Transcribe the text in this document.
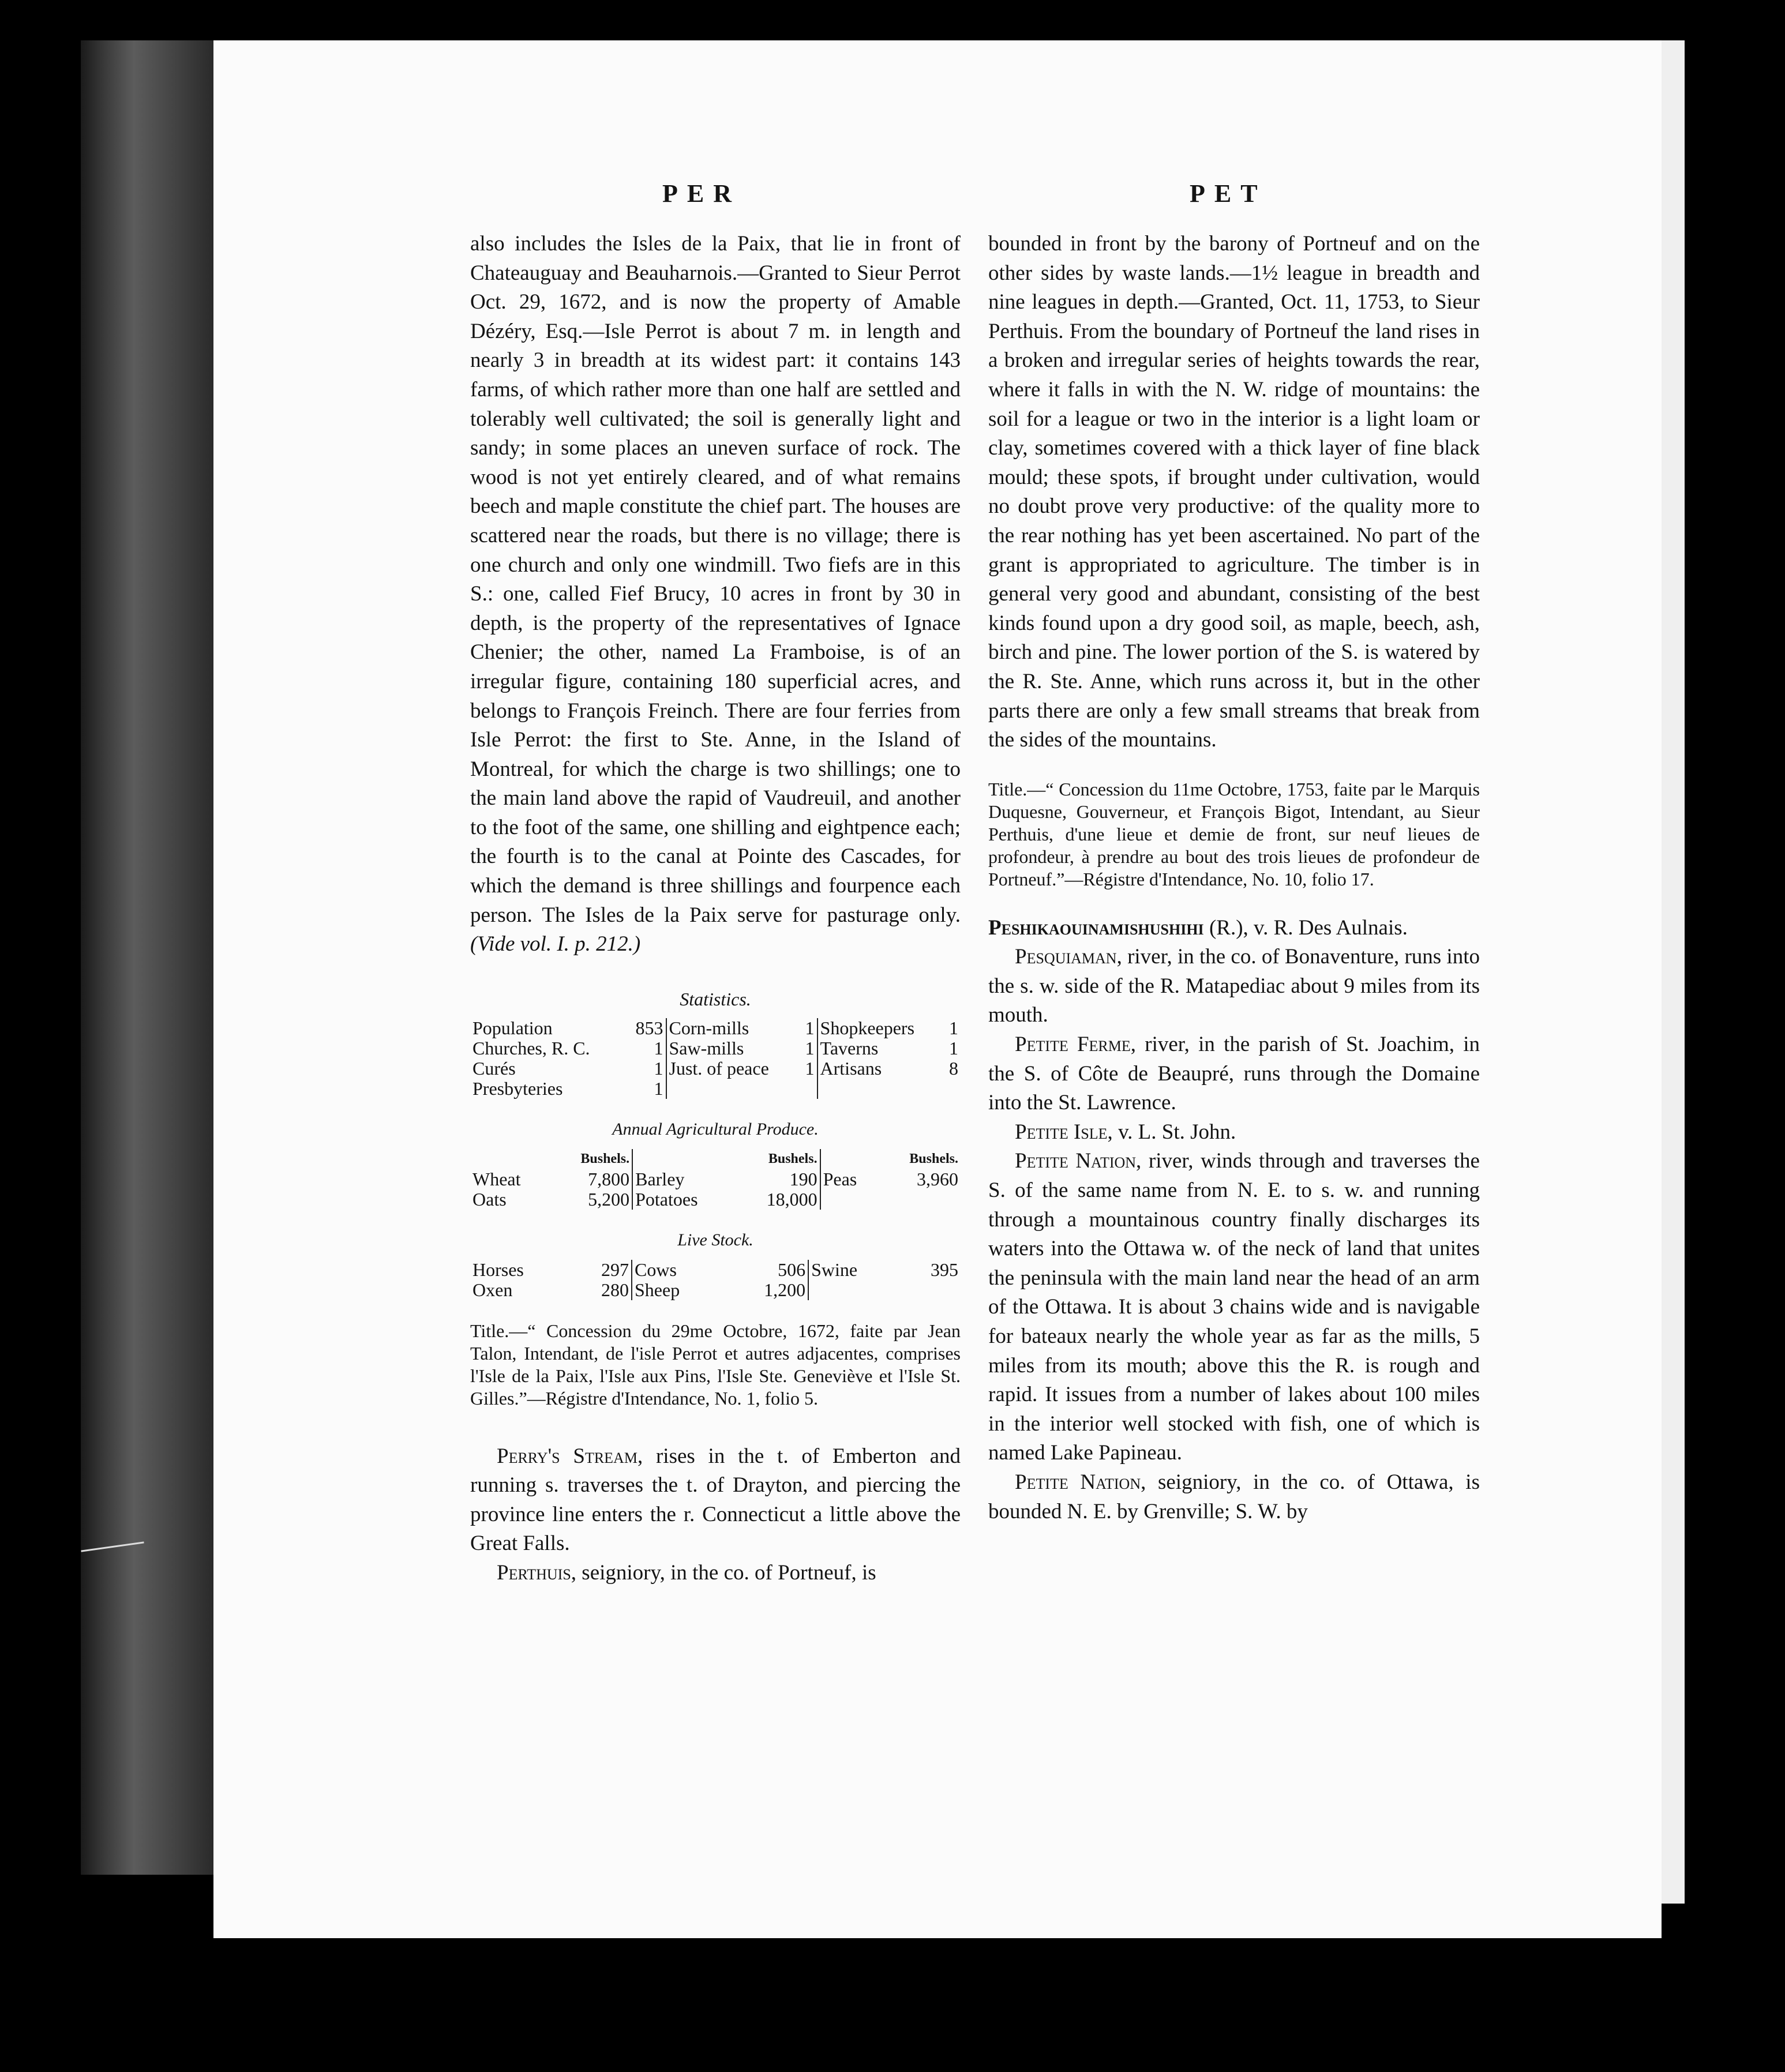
PER	PET

also includes the Isles de la Paix, that lie in front of Chateauguay and Beauharnois.—Granted to Sieur Perrot Oct. 29, 1672, and is now the property of Amable Dézéry, Esq.—Isle Perrot is about 7 m. in length and nearly 3 in breadth at its widest part: it contains 143 farms, of which rather more than one half are settled and tolerably well cultivated; the soil is generally light and sandy; in some places an uneven surface of rock. The wood is not yet entirely cleared, and of what remains beech and maple constitute the chief part. The houses are scattered near the roads, but there is no village; there is one church and only one windmill. Two fiefs are in this S.: one, called Fief Brucy, 10 acres in front by 30 in depth, is the property of the representatives of Ignace Chenier; the other, named La Framboise, is of an irregular figure, containing 180 superficial acres, and belongs to François Freinch. There are four ferries from Isle Perrot: the first to Ste. Anne, in the Island of Montreal, for which the charge is two shillings; one to the main land above the rapid of Vaudreuil, and another to the foot of the same, one shilling and eightpence each; the fourth is to the canal at Pointe des Cascades, for which the demand is three shillings and fourpence each person. The Isles de la Paix serve for pasturage only. (Vide vol. I. p. 212.)

Statistics.
Population	853	Corn-mills	1	Shopkeepers	1
Churches, R. C.	1	Saw-mills	1	Taverns	1
Curés	1	Just. of peace	1	Artisans	8
Presbyteries	1				
Annual Agricultural Produce.
	Bushels.		Bushels.		Bushels.
Wheat	7,800	Barley	190	Peas	3,960
Oats	5,200	Potatoes	18,000		
Live Stock.
Horses	297	Cows	506	Swine	395
Oxen	280	Sheep	1,200		

Title.—“ Concession du 29me Octobre, 1672, faite par Jean Talon, Intendant, de l'isle Perrot et autres adjacentes, comprises l'Isle de la Paix, l'Isle aux Pins, l'Isle Ste. Geneviève et l'Isle St. Gilles.”—Régistre d'Intendance, No. 1, folio 5.

Perry's Stream, rises in the t. of Emberton and running s. traverses the t. of Drayton, and piercing the province line enters the r. Connecticut a little above the Great Falls.

Perthuis, seigniory, in the co. of Portneuf, is

bounded in front by the barony of Portneuf and on the other sides by waste lands.—1½ league in breadth and nine leagues in depth.—Granted, Oct. 11, 1753, to Sieur Perthuis. From the boundary of Portneuf the land rises in a broken and irregular series of heights towards the rear, where it falls in with the N. W. ridge of mountains: the soil for a league or two in the interior is a light loam or clay, sometimes covered with a thick layer of fine black mould; these spots, if brought under cultivation, would no doubt prove very productive: of the quality more to the rear nothing has yet been ascertained. No part of the grant is appropriated to agriculture. The timber is in general very good and abundant, consisting of the best kinds found upon a dry good soil, as maple, beech, ash, birch and pine. The lower portion of the S. is watered by the R. Ste. Anne, which runs across it, but in the other parts there are only a few small streams that break from the sides of the mountains.

Title.—“ Concession du 11me Octobre, 1753, faite par le Marquis Duquesne, Gouverneur, et François Bigot, Intendant, au Sieur Perthuis, d'une lieue et demie de front, sur neuf lieues de profondeur, à prendre au bout des trois lieues de profondeur de Portneuf.”—Régistre d'Intendance, No. 10, folio 17.

Peshikaouinamishushihi (R.), v. R. Des Aulnais.

Pesquiaman, river, in the co. of Bonaventure, runs into the s. w. side of the R. Matapediac about 9 miles from its mouth.

Petite Ferme, river, in the parish of St. Joachim, in the S. of Côte de Beaupré, runs through the Domaine into the St. Lawrence.

Petite Isle, v. L. St. John.

Petite Nation, river, winds through and traverses the S. of the same name from N. E. to s. w. and running through a mountainous country finally discharges its waters into the Ottawa w. of the neck of land that unites the peninsula with the main land near the head of an arm of the Ottawa. It is about 3 chains wide and is navigable for bateaux nearly the whole year as far as the mills, 5 miles from its mouth; above this the R. is rough and rapid. It issues from a number of lakes about 100 miles in the interior well stocked with fish, one of which is named Lake Papineau.

Petite Nation, seigniory, in the co. of Ottawa, is bounded N. E. by Grenville; S. W. by
